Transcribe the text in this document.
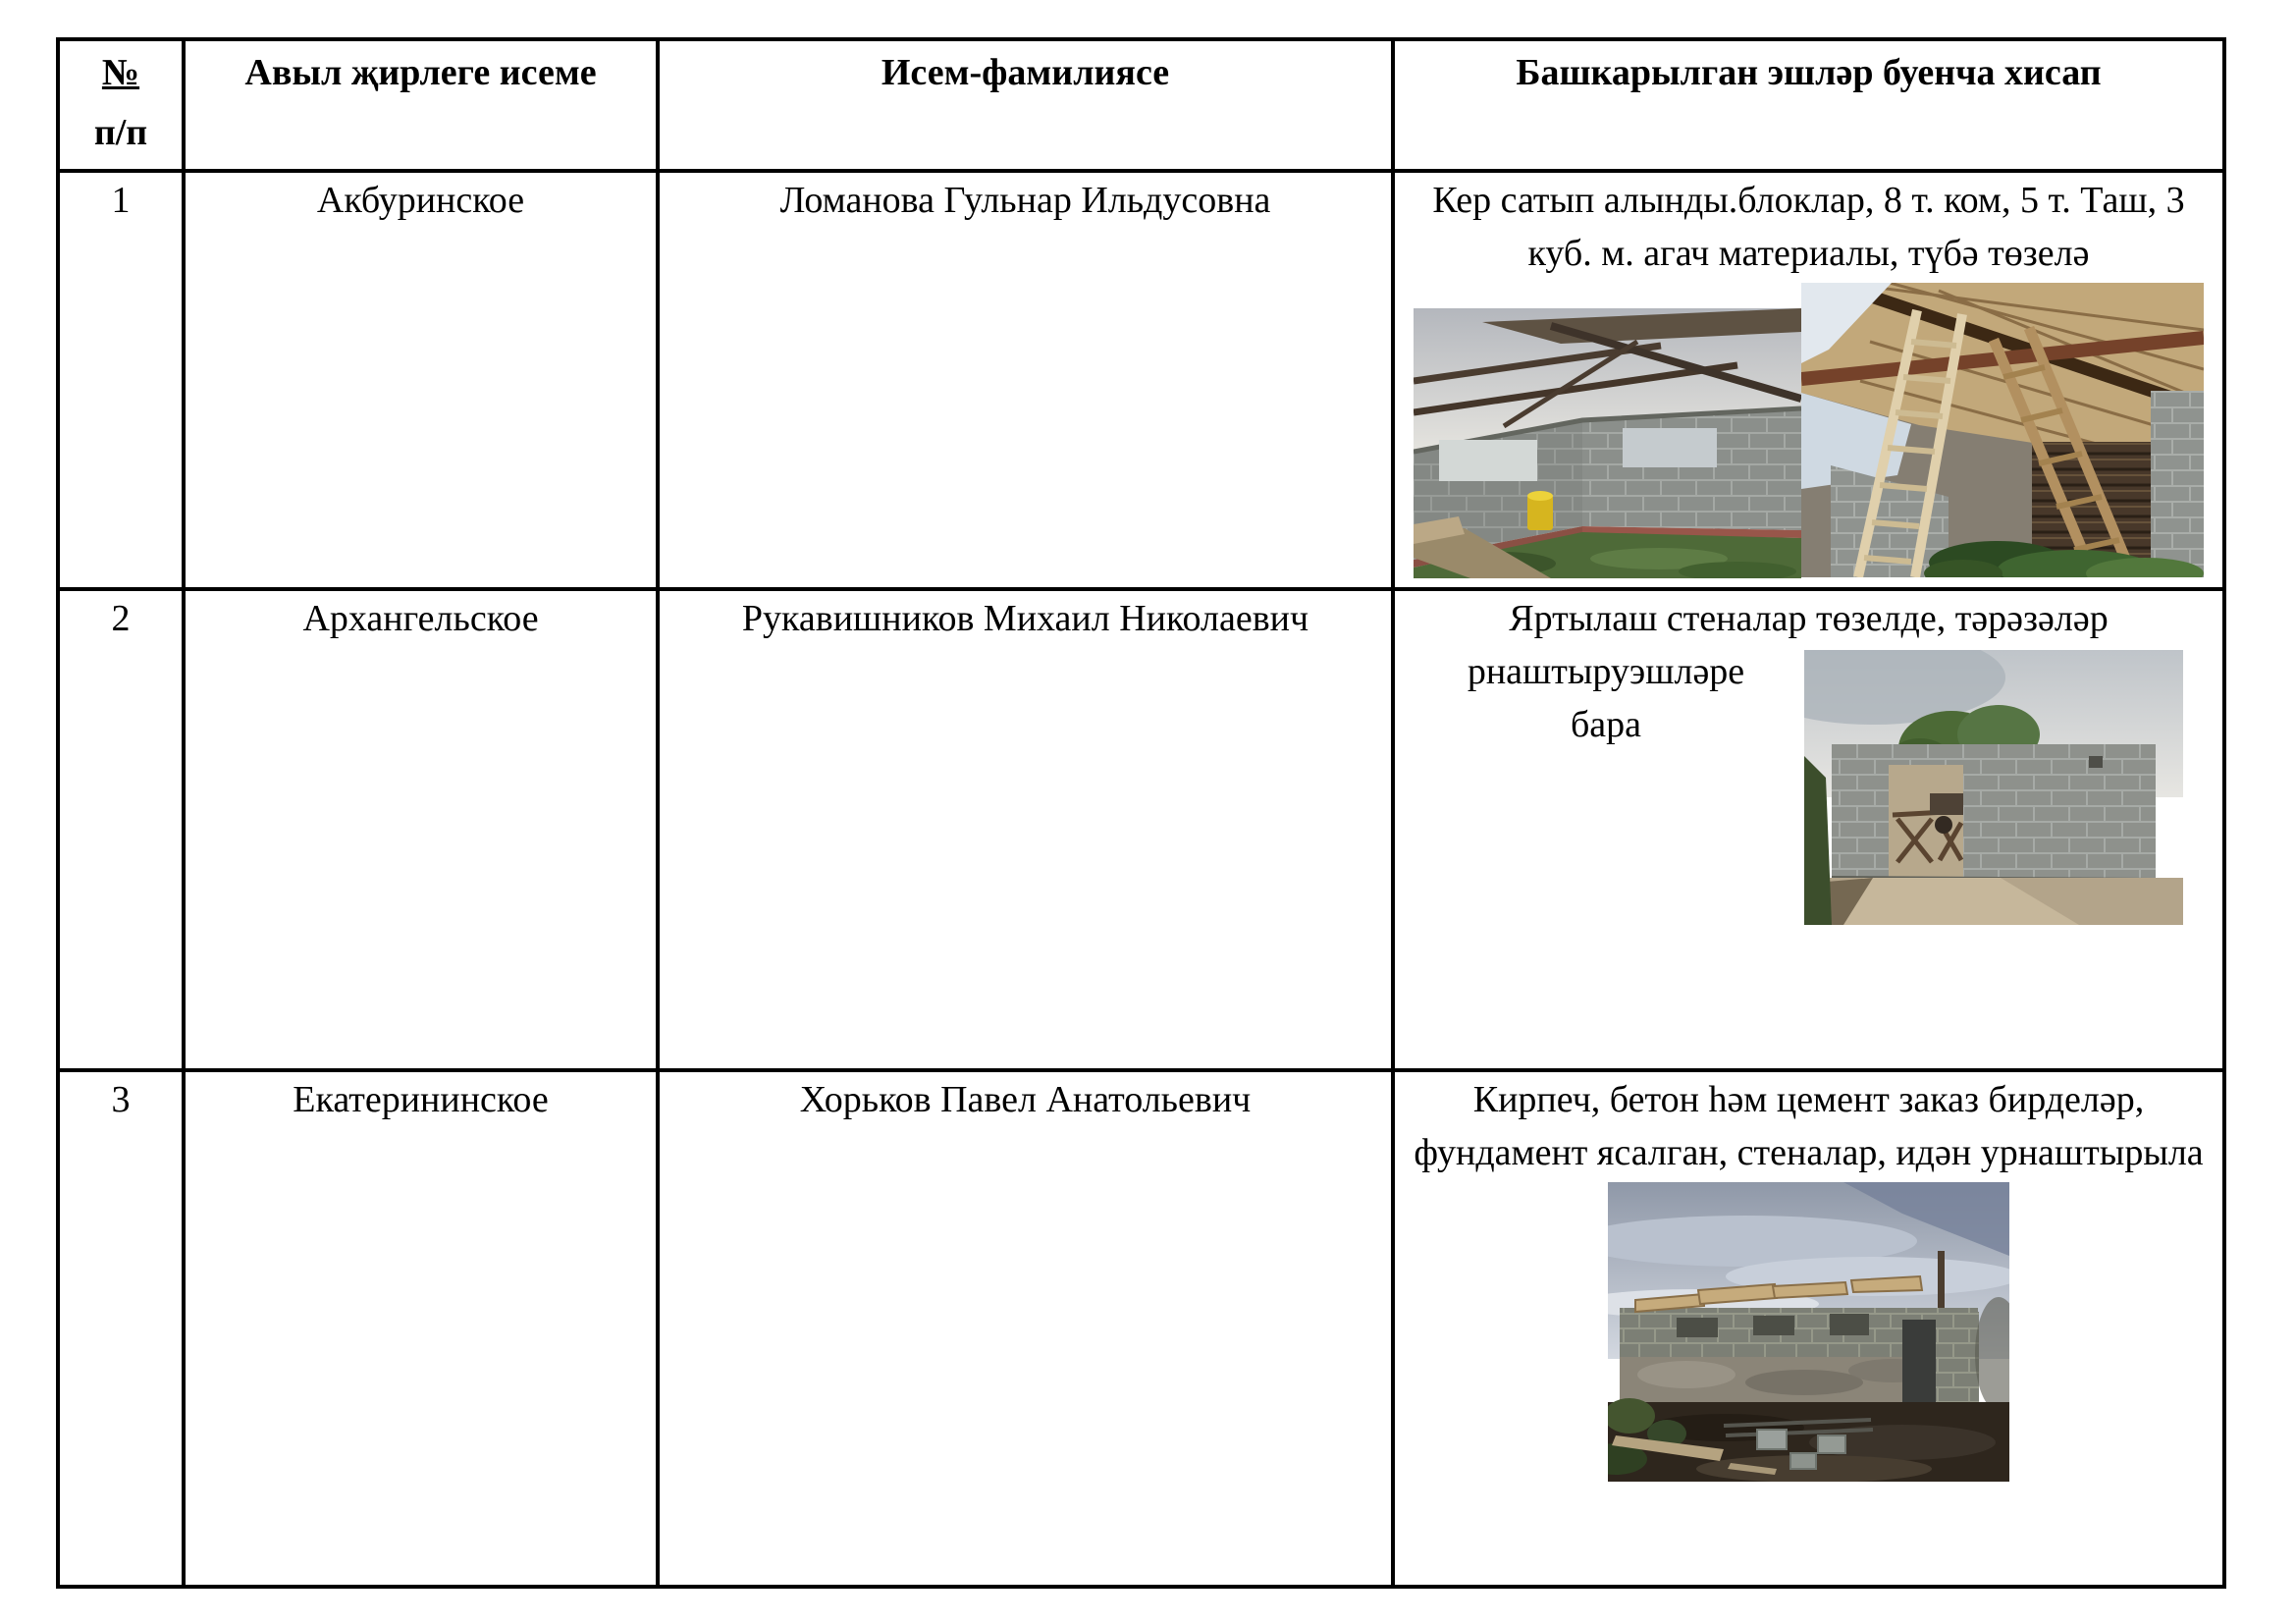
№
п/п	Авыл җирлеге исеме	Исем-фамилиясе	Башкарылган эшләр буенча хисап
1	Акбуринское	Ломанова Гульнар Ильдусовна	Кер сатып алынды.блоклар, 8 т. ком, 5 т. Таш, 3 куб. м. агач материалы, түбә төзелә

2	Архангельское	Рукавишников Михаил Николаевич	Яртылаш стеналар төзелде, тәрәзәләр
рнаштыруэшләре
бара

3	Екатерининское	Хорьков Павел Анатольевич	Кирпеч, бетон һәм цемент заказ бирделәр, фундамент ясалган, стеналар, идән урнаштырыла
